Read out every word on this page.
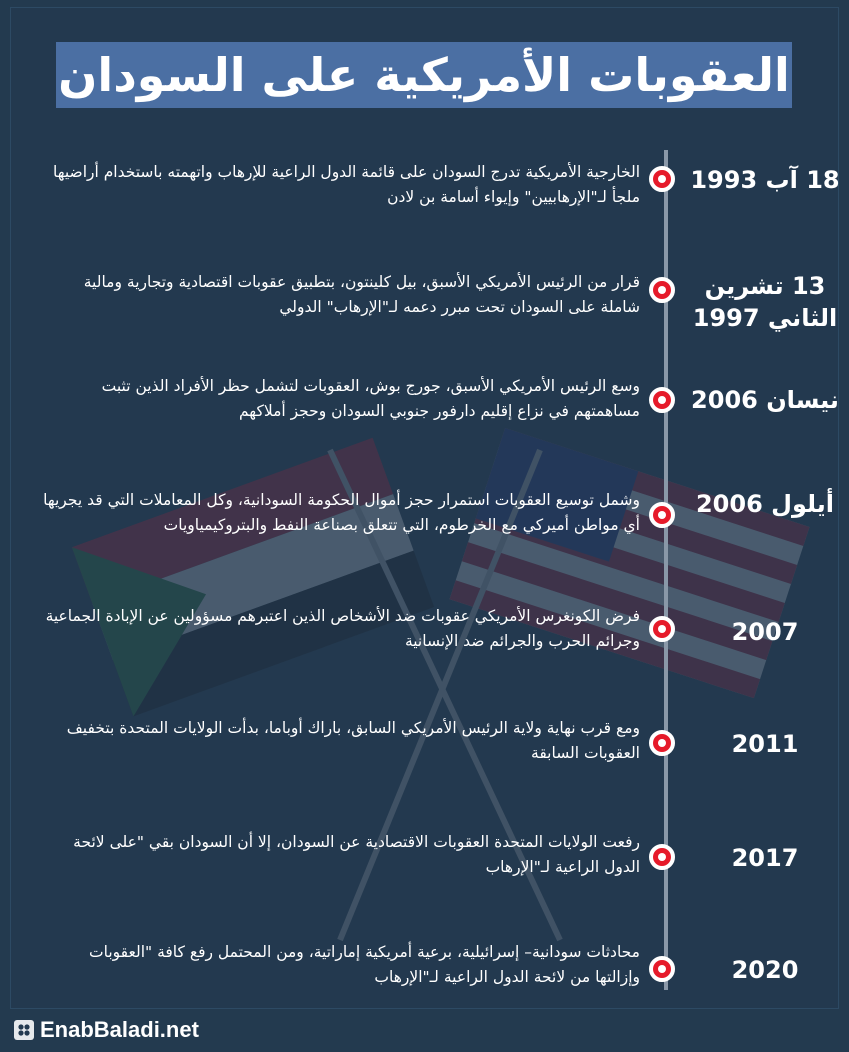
العقوبات الأمريكية على السودان
18 آب 1993
الخارجية الأمريكية تدرج السودان على قائمة الدول الراعية للإرهاب واتهمته باستخدام أراضيها ملجأ لـ"الإرهابيين" وإيواء أسامة بن لادن
13 تشرين الثاني 1997
قرار من الرئيس الأمريكي الأسبق، بيل كلينتون، بتطبيق عقوبات اقتصادية وتجارية ومالية شاملة على السودان تحت مبرر دعمه لـ"الإرهاب" الدولي
نيسان 2006
وسع الرئيس الأمريكي الأسبق، جورج بوش، العقوبات لتشمل حظر الأفراد الذين تثبت مساهمتهم في نزاع إقليم دارفور جنوبي السودان وحجز أملاكهم
أيلول 2006
وشمل توسيع العقوبات استمرار حجز أموال الحكومة السودانية، وكل المعاملات التي قد يجريها أي مواطن أميركي مع الخرطوم، التي تتعلق بصناعة النفط والبتروكيمياويات
2007
فرض الكونغرس الأمريكي عقوبات ضد الأشخاص الذين اعتبرهم مسؤولين عن الإبادة الجماعية وجرائم الحرب والجرائم ضد الإنسانية
2011
ومع قرب نهاية ولاية الرئيس الأمريكي السابق، باراك أوباما، بدأت الولايات المتحدة بتخفيف العقوبات السابقة
2017
رفعت الولايات المتحدة العقوبات الاقتصادية عن السودان، إلا أن السودان بقي "على لائحة الدول الراعية لـ"الإرهاب
2020
محادثات سودانية– إسرائيلية، برعية أمريكية إماراتية، ومن المحتمل رفع كافة "العقوبات وإزالتها من لائحة الدول الراعية لـ"الإرهاب
EnabBaladi.net
